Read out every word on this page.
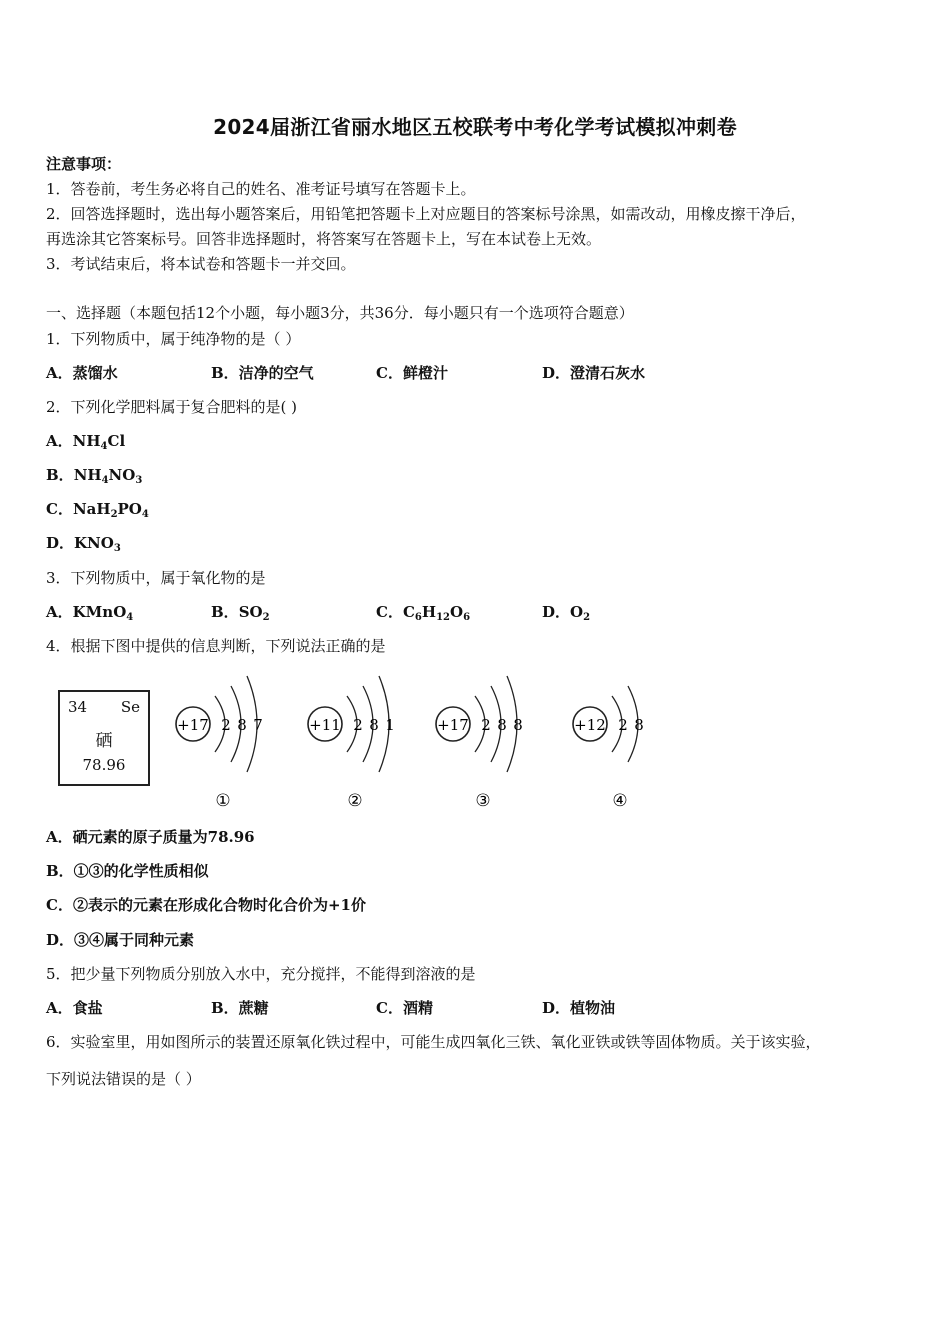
2024届浙江省丽水地区五校联考中考化学考试模拟冲刺卷
注意事项：
1．答卷前，考生务必将自己的姓名、准考证号填写在答题卡上。
2．回答选择题时，选出每小题答案后，用铅笔把答题卡上对应题目的答案标号涂黑，如需改动，用橡皮擦干净后，
再选涂其它答案标号。回答非选择题时，将答案写在答题卡上，写在本试卷上无效。
3．考试结束后，将本试卷和答题卡一并交回。
一、选择题（本题包括12个小题，每小题3分，共36分．每小题只有一个选项符合题意）
1．下列物质中，属于纯净物的是（ ）
A．蒸馏水	B．洁净的空气	C．鲜橙汁	D．澄清石灰水
2．下列化学肥料属于复合肥料的是( )
A．$NH_4Cl$
B．$NH_4NO_3$
C．$NaH_2PO_4$
D．$KNO_3$
3．下列物质中，属于氧化物的是
A．KMnO$_4$	B．$SO_2$	C．$C_6H_{12}O_6$	D．$O_2$
4．根据下图中提供的信息判断，下列说法正确的是
34 Se
硒
78.96
+17 2 8 7
①
+11 2 8 1
②
+17 2 8 8
③
+12 2 8
④
A．硒元素的原子质量为78.96
B．①③的化学性质相似
C．②表示的元素在形成化合物时化合价为+1价
D．③④属于同种元素
5．把少量下列物质分别放入水中，充分搅拌，不能得到溶液的是
A．食盐	B．蔗糖	C．酒精	D．植物油
6．实验室里，用如图所示的装置还原氧化铁过程中，可能生成四氧化三铁、氧化亚铁或铁等固体物质。关于该实验，
下列说法错误的是（ ）
